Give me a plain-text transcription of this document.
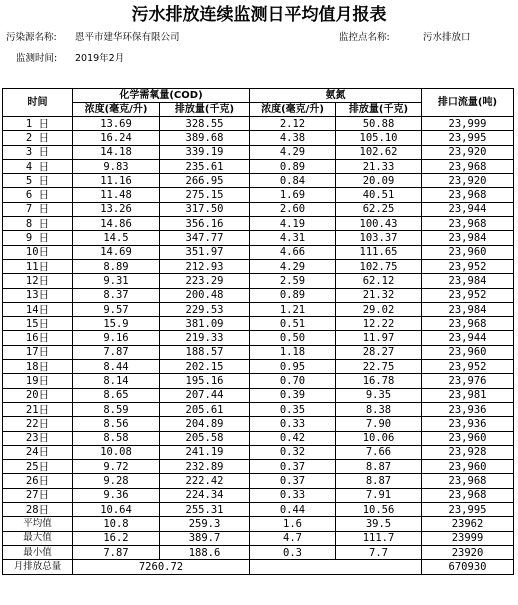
污水排放连续监测日平均值月报表
污染源名称: 恩平市建华环保有限公司	监控点名称:	污水排放口
监测时间: 2019年2月
时间	化学需氧量(COD)		氨氮		排口流量(吨)
	浓度(毫克/升)	排放量(千克)	浓度(毫克/升)	排放量(千克)	
1 日	13.69	328.55	2.12	50.88	23,999
2 日	16.24	389.68	4.38	105.10	23,995
3 日	14.18	339.19	4.29	102.62	23,920
4 日	9.83	235.61	0.89	21.33	23,968
5 日	11.16	266.95	0.84	20.09	23,920
6 日	11.48	275.15	1.69	40.51	23,968
7 日	13.26	317.50	2.60	62.25	23,944
8 日	14.86	356.16	4.19	100.43	23,968
9 日	14.5	347.77	4.31	103.37	23,984
10日	14.69	351.97	4.66	111.65	23,960
11日	8.89	212.93	4.29	102.75	23,952
12日	9.31	223.29	2.59	62.12	23,984
13日	8.37	200.48	0.89	21.32	23,952
14日	9.57	229.53	1.21	29.02	23,984
15日	15.9	381.09	0.51	12.22	23,968
16日	9.16	219.33	0.50	11.97	23,944
17日	7.87	188.57	1.18	28.27	23,960
18日	8.44	202.15	0.95	22.75	23,952
19日	8.14	195.16	0.70	16.78	23,976
20日	8.65	207.44	0.39	9.35	23,981
21日	8.59	205.61	0.35	8.38	23,936
22日	8.56	204.89	0.33	7.90	23,936
23日	8.58	205.58	0.42	10.06	23,960
24日	10.08	241.19	0.32	7.66	23,928
25日	9.72	232.89	0.37	8.87	23,960
26日	9.28	222.42	0.37	8.87	23,968
27日	9.36	224.34	0.33	7.91	23,968
28日	10.64	255.31	0.44	10.56	23,995
平均值	10.8	259.3	1.6	39.5	23962
最大值	16.2	389.7	4.7	111.7	23999
最小值	7.87	188.6	0.3	7.7	23920
月排放总量	7260.72				670930
